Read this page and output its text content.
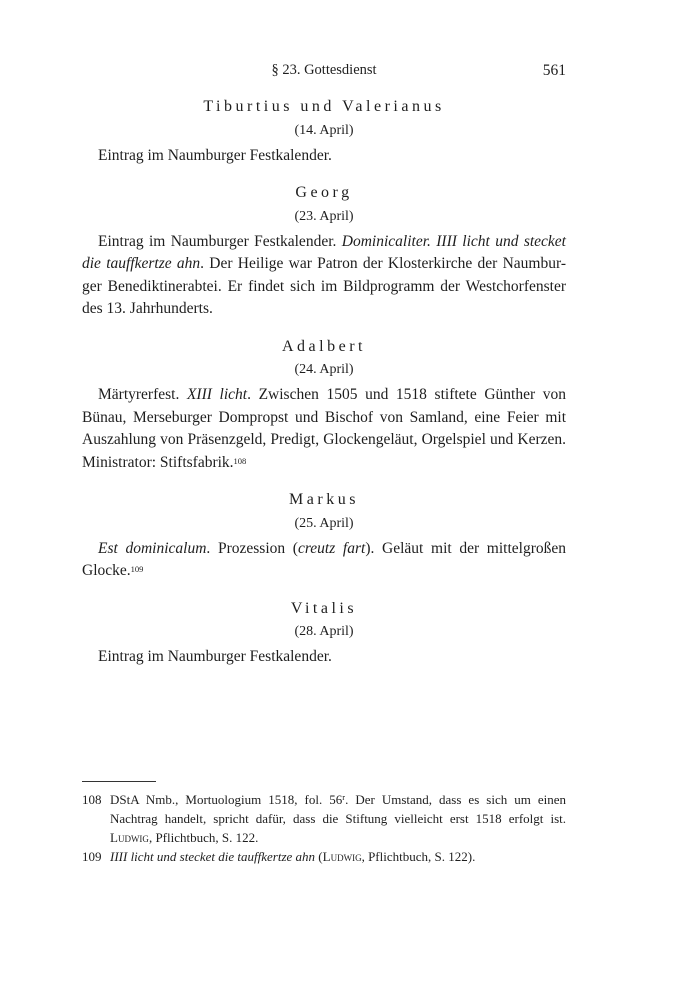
§ 23. Gottesdienst	561

Tiburtius und Valerianus

(14. April)

Eintrag im Naumburger Festkalender.

Georg

(23. April)

Eintrag im Naumburger Festkalender. Dominicaliter. IIII licht und stecket
die tauffkertze ahn. Der Heilige war Patron der Klosterkirche der Naumbur-
ger Benediktinerabtei. Er findet sich im Bildprogramm der Westchorfenster
des 13. Jahrhunderts.

Adalbert

(24. April)

Märtyrerfest. XIII licht. Zwischen 1505 und 1518 stiftete Günther von
Bünau, Merseburger Dompropst und Bischof von Samland, eine Feier mit
Auszahlung von Präsenzgeld, Predigt, Glockengeläut, Orgelspiel und Kerzen.
Ministrator: Stiftsfabrik.$^{108}$

Markus

(25. April)

Est dominicalum. Prozession (creutz fart). Geläut mit der mittelgroßen
Glocke.$^{109}$

Vitalis

(28. April)

Eintrag im Naumburger Festkalender.

108 DStA Nmb., Mortuologium 1518, fol. 56$^r$. Der Umstand, dass es sich um einen
Nachtrag handelt, spricht dafür, dass die Stiftung vielleicht erst 1518 erfolgt ist.
Ludwig, Pflichtbuch, S. 122.
109 IIII licht und stecket die tauffkertze ahn (Ludwig, Pflichtbuch, S. 122).
